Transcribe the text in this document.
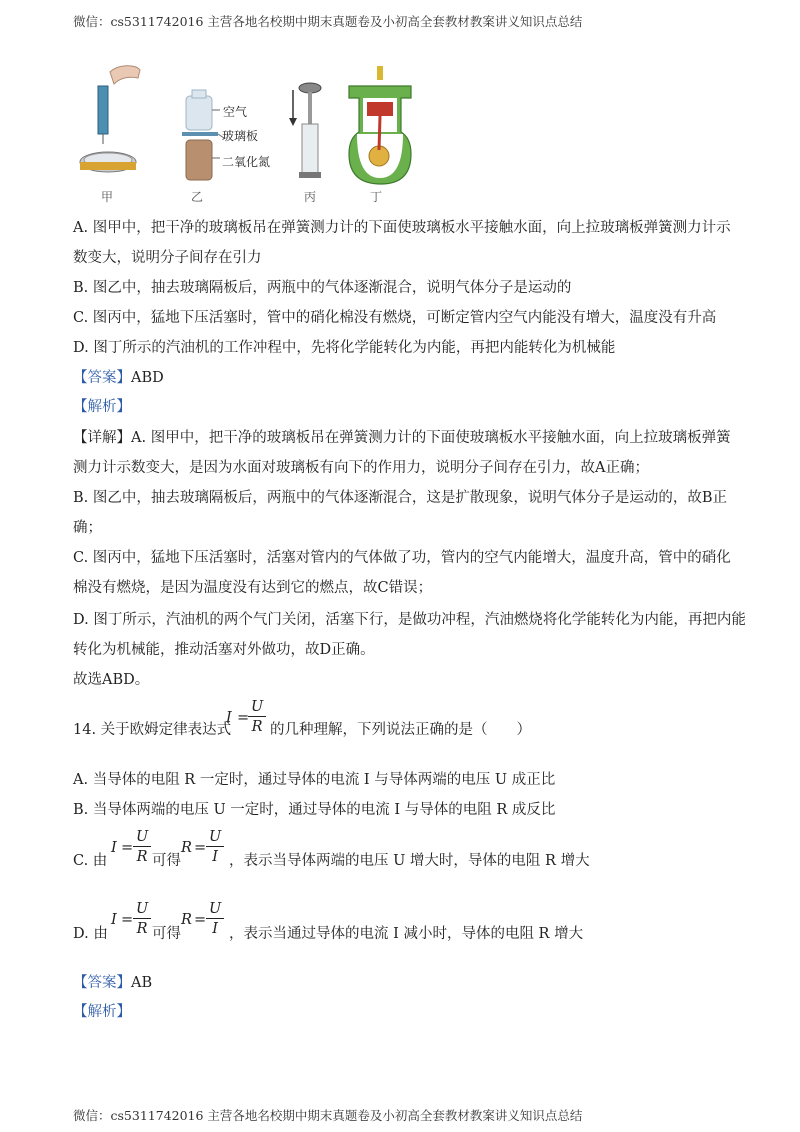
微信：cs5311742016 主营各地名校期中期末真题卷及小初高全套教材教案讲义知识点总结
甲
空气
玻璃板
二氧化氮
乙	丙	丁
A. 图甲中，把干净的玻璃板吊在弹簧测力计的下面使玻璃板水平接触水面，向上拉玻璃板弹簧测力计示
数变大，说明分子间存在引力
B. 图乙中，抽去玻璃隔板后，两瓶中的气体逐渐混合，说明气体分子是运动的
C. 图丙中，猛地下压活塞时，管中的硝化棉没有燃烧，可断定管内空气内能没有增大，温度没有升高
D. 图丁所示的汽油机的工作冲程中，先将化学能转化为内能，再把内能转化为机械能
【答案】ABD
【解析】
【详解】A. 图甲中，把干净的玻璃板吊在弹簧测力计的下面使玻璃板水平接触水面，向上拉玻璃板弹簧
测力计示数变大，是因为水面对玻璃板有向下的作用力，说明分子间存在引力，故A正确；
B. 图乙中，抽去玻璃隔板后，两瓶中的气体逐渐混合，这是扩散现象，说明气体分子是运动的，故B正
确；
C. 图丙中，猛地下压活塞时，活塞对管内的气体做了功，管内的空气内能增大，温度升高，管中的硝化
棉没有燃烧，是因为温度没有达到它的燃点，故C错误；
D. 图丁所示，汽油机的两个气门关闭，活塞下行，是做功冲程，汽油燃烧将化学能转化为内能，再把内能
转化为机械能，推动活塞对外做功，故D正确。
故选ABD。
14. 关于欧姆定律表达式
I =
$\frac{U}{R}$ 的几种理解，下列说法正确的是（　　）
A. 当导体的电阻 R 一定时，通过导体的电流 I 与导体两端的电压 U 成正比
B. 当导体两端的电压 U 一定时，通过导体的电流 I 与导体的电阻 R 成反比
C. 由
$I = \frac{U}{R}$ 可得
$R = \frac{U}{I}$ ，表示当导体两端的电压 U 增大时，导体的电阻 R 增大
D. 由
$I = \frac{U}{R}$ 可得
$R = \frac{U}{I}$ ，表示当通过导体的电流 I 减小时，导体的电阻 R 增大
【答案】AB
【解析】
微信：cs5311742016 主营各地名校期中期末真题卷及小初高全套教材教案讲义知识点总结
